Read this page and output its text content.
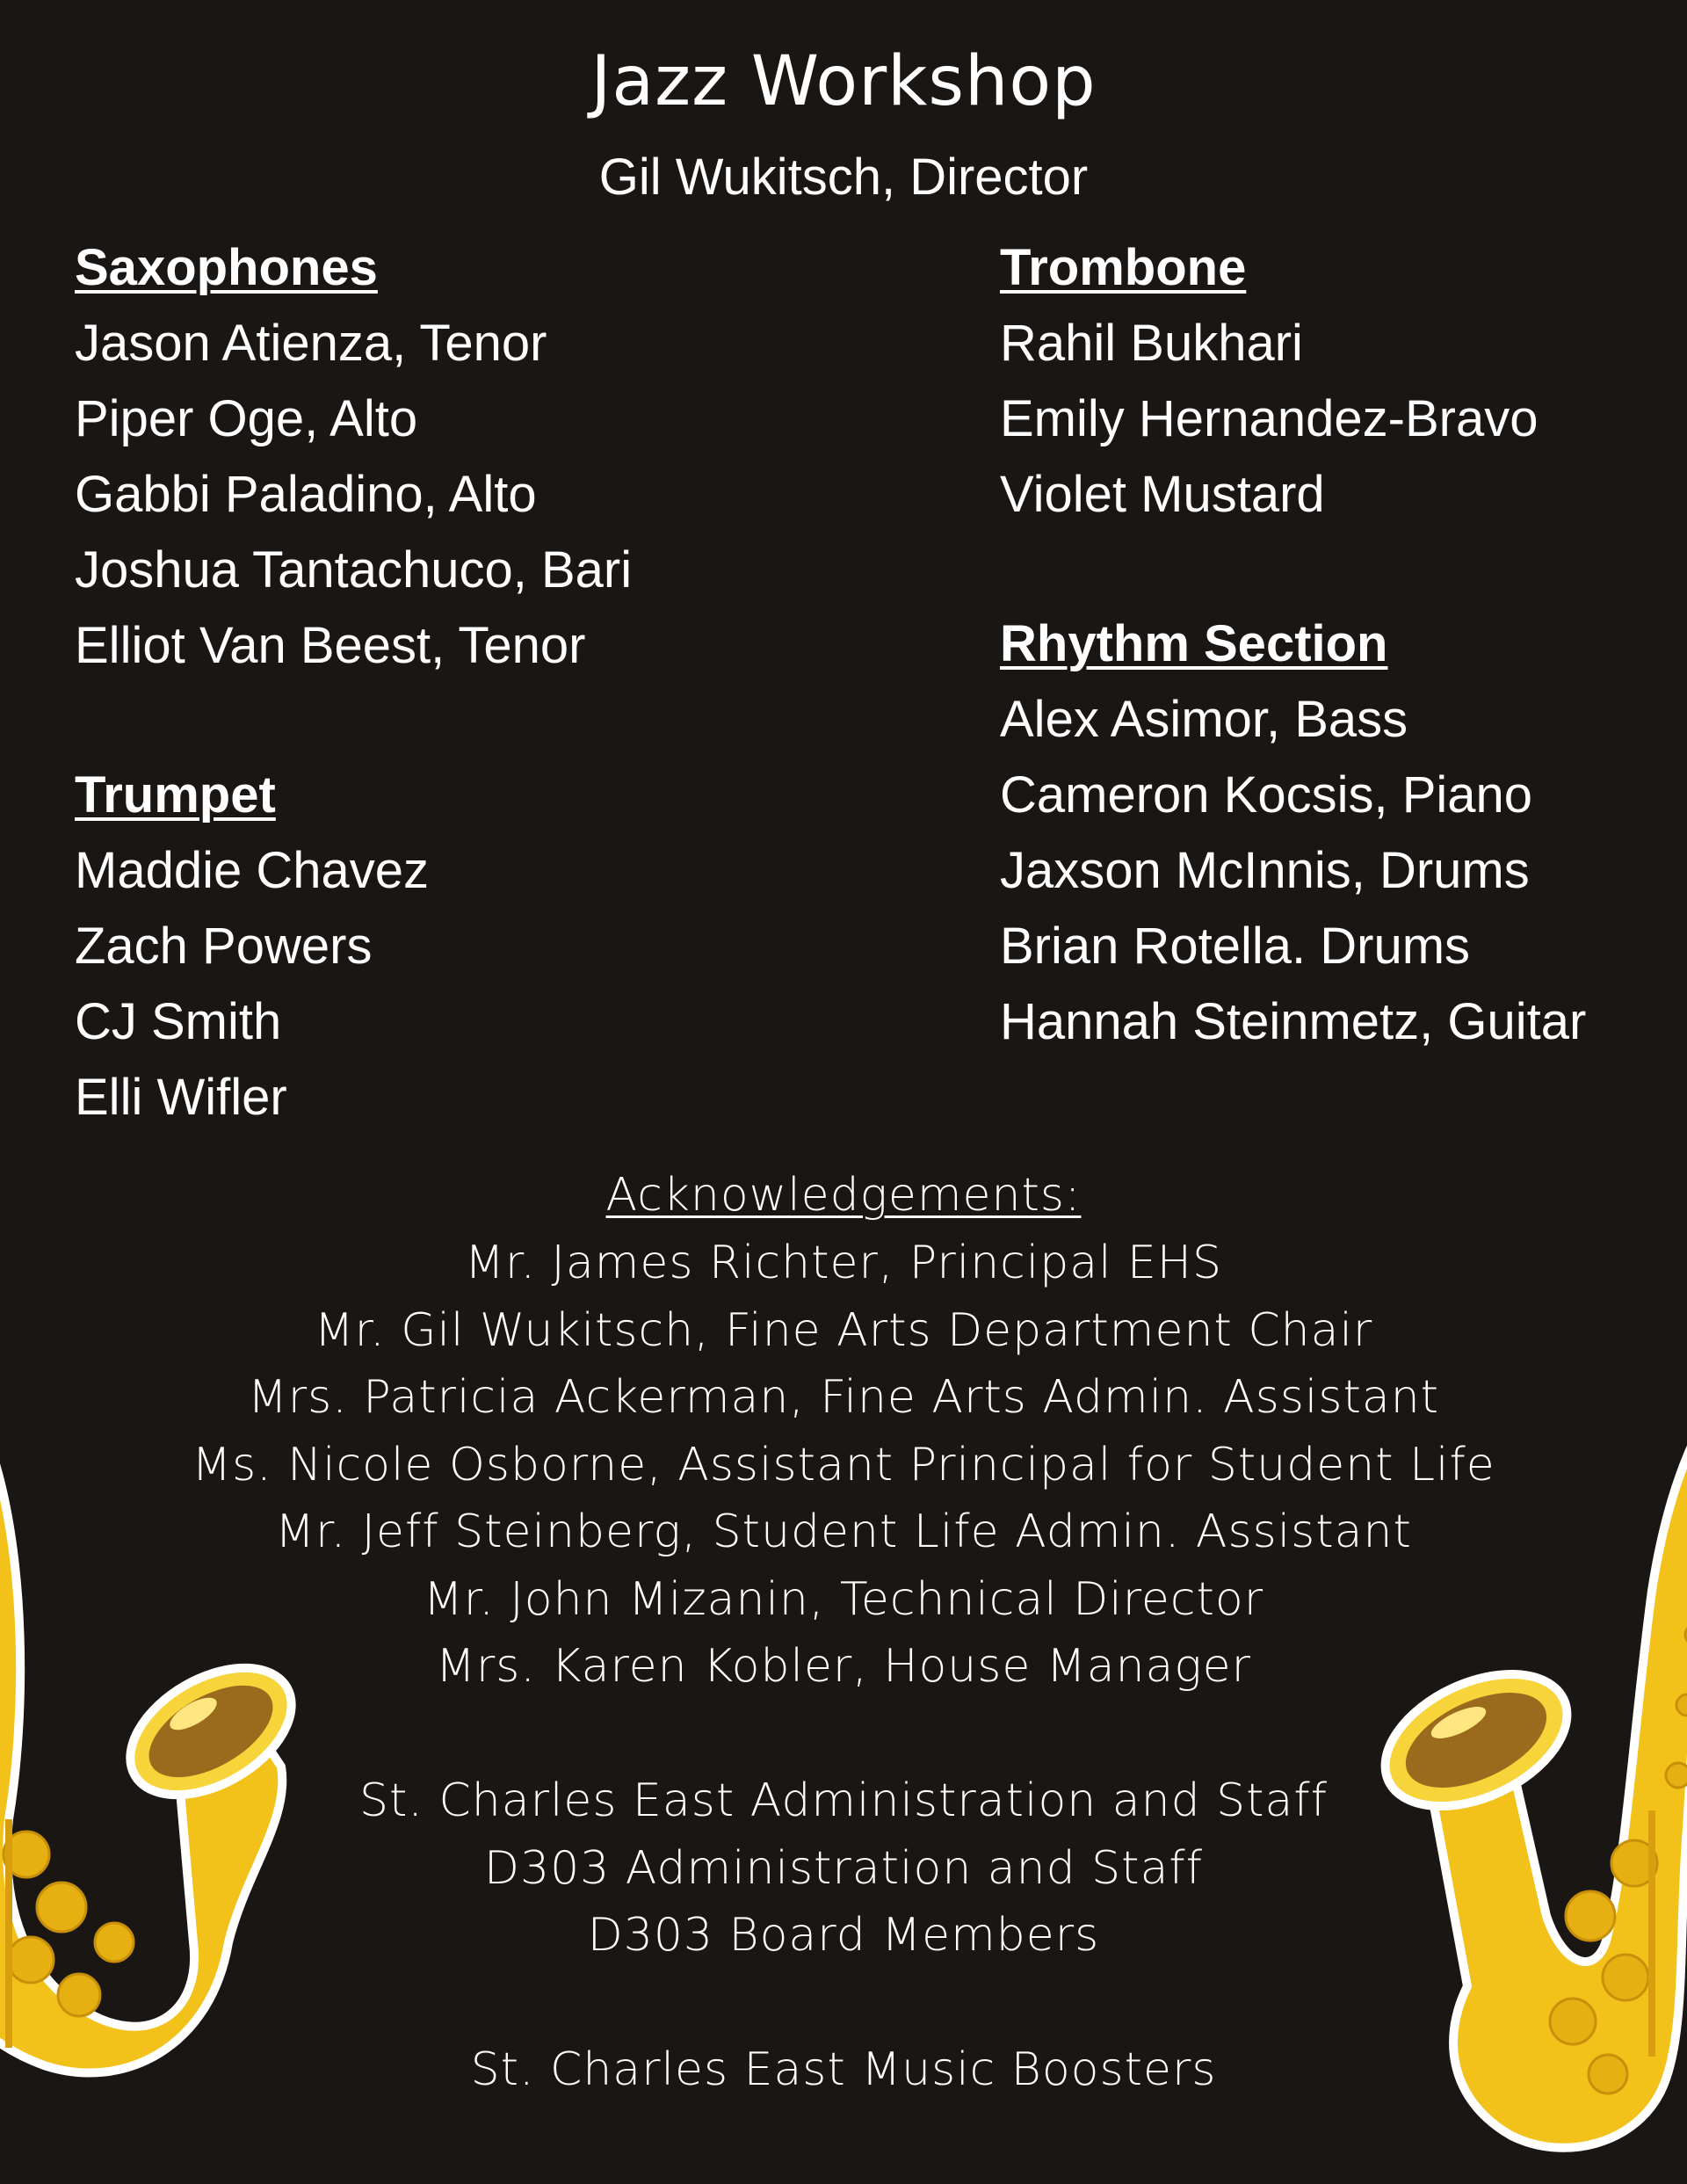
Jazz Workshop
Gil Wukitsch, Director
Saxophones
Jason Atienza, Tenor
Piper Oge, Alto
Gabbi Paladino, Alto
Joshua Tantachuco, Bari
Elliot Van Beest, Tenor
Trumpet
Maddie Chavez
Zach Powers
CJ Smith
Elli Wifler
Trombone
Rahil Bukhari
Emily Hernandez-Bravo
Violet Mustard
Rhythm Section
Alex Asimor, Bass
Cameron Kocsis, Piano
Jaxson McInnis, Drums
Brian Rotella. Drums
Hannah Steinmetz, Guitar
Acknowledgements:
Mr. James Richter, Principal EHS
Mr. Gil Wukitsch, Fine Arts Department Chair
Mrs. Patricia Ackerman, Fine Arts Admin. Assistant
Ms. Nicole Osborne, Assistant Principal for Student Life
Mr. Jeff Steinberg, Student Life Admin. Assistant
Mr. John Mizanin, Technical Director
Mrs. Karen Kobler, House Manager
St. Charles East Administration and Staff
D303 Administration and Staff
D303 Board Members
St. Charles East Music Boosters
